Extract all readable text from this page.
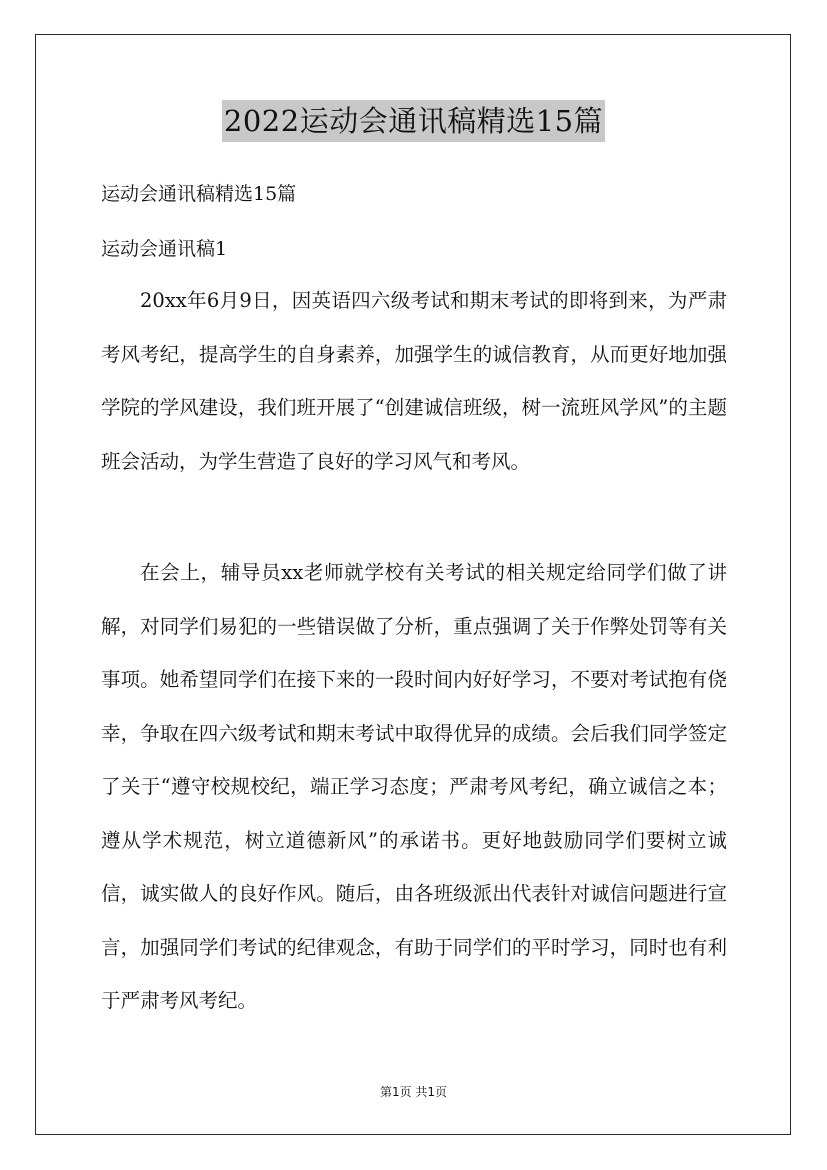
2022运动会通讯稿精选15篇
运动会通讯稿精选15篇
运动会通讯稿1

20xx年6月9日，因英语四六级考试和期末考试的即将到来，为严肃考风考纪，提高学生的自身素养，加强学生的诚信教育，从而更好地加强学院的学风建设，我们班开展了“创建诚信班级，树一流班风学风”的主题班会活动，为学生营造了良好的学习风气和考风。

在会上，辅导员xx老师就学校有关考试的相关规定给同学们做了讲解，对同学们易犯的一些错误做了分析，重点强调了关于作弊处罚等有关事项。她希望同学们在接下来的一段时间内好好学习，不要对考试抱有侥幸，争取在四六级考试和期末考试中取得优异的成绩。会后我们同学签定了关于“遵守校规校纪，端正学习态度；严肃考风考纪，确立诚信之本；遵从学术规范，树立道德新风”的承诺书。更好地鼓励同学们要树立诚信，诚实做人的良好作风。随后，由各班级派出代表针对诚信问题进行宣言，加强同学们考试的纪律观念，有助于同学们的平时学习，同时也有利于严肃考风考纪。

第1页 共1页
